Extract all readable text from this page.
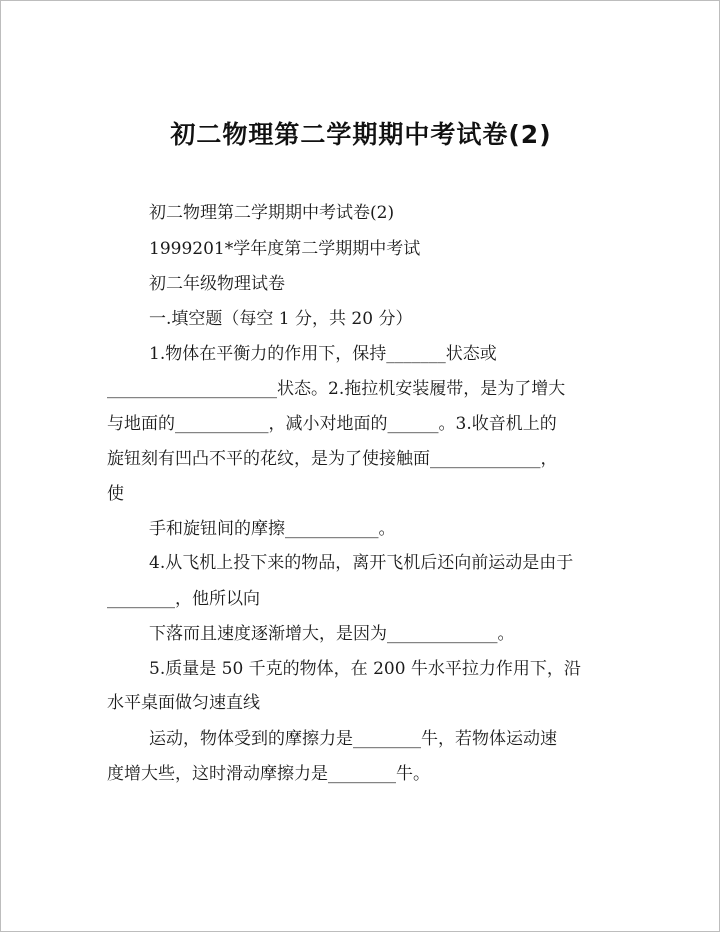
初二物理第二学期期中考试卷(2)
初二物理第二学期期中考试卷(2)
1999201*学年度第二学期期中考试
初二年级物理试卷
一.填空题（每空 1 分，共 20 分）
1.物体在平衡力的作用下，保持_______状态或
____________________状态。2.拖拉机安装履带，是为了增大
与地面的___________，减小对地面的______。3.收音机上的
旋钮刻有凹凸不平的花纹，是为了使接触面_____________，
使
手和旋钮间的摩擦___________。
4.从飞机上投下来的物品，离开飞机后还向前运动是由于
________，他所以向
下落而且速度逐渐增大，是因为_____________。
5.质量是 50 千克的物体，在 200 牛水平拉力作用下，沿
水平桌面做匀速直线
运动，物体受到的摩擦力是________牛，若物体运动速
度增大些，这时滑动摩擦力是________牛。
